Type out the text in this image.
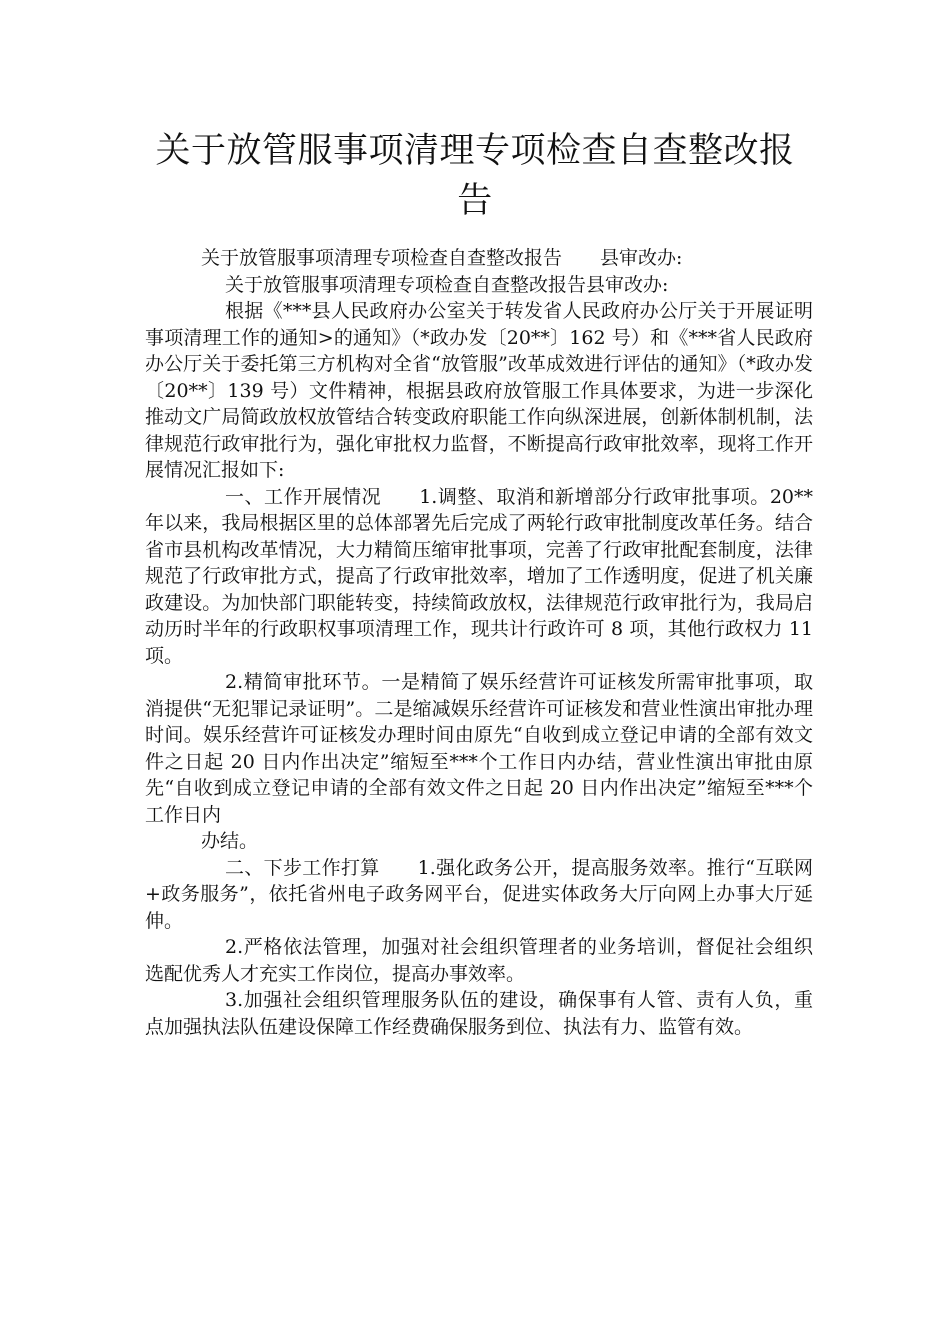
关于放管服事项清理专项检查自查整改报
告

关于放管服事项清理专项检查自查整改报告 县审改办:

关于放管服事项清理专项检查自查整改报告县审改办:

根据《***县人民政府办公室关于转发省人民政府办公厅关于开展证明事项清理工作的通知>的通知》（*政办发〔20**〕162 号）和《***省人民政府办公厅关于委托第三方机构对全省“放管服”改革成效进行评估的通知》（*政办发〔20**〕139 号）文件精神，根据县政府放管服工作具体要求，为进一步深化推动文广局简政放权放管结合转变政府职能工作向纵深进展，创新体制机制，法律规范行政审批行为，强化审批权力监督，不断提高行政审批效率，现将工作开展情况汇报如下:

一、工作开展情况 1.调整、取消和新增部分行政审批事项。20**年以来，我局根据区里的总体部署先后完成了两轮行政审批制度改革任务。结合省市县机构改革情况，大力精简压缩审批事项，完善了行政审批配套制度，法律规范了行政审批方式，提高了行政审批效率，增加了工作透明度，促进了机关廉政建设。为加快部门职能转变，持续简政放权，法律规范行政审批行为，我局启动历时半年的行政职权事项清理工作，现共计行政许可 8 项，其他行政权力 11 项。

2.精简审批环节。一是精简了娱乐经营许可证核发所需审批事项，取消提供“无犯罪记录证明”。二是缩减娱乐经营许可证核发和营业性演出审批办理时间。娱乐经营许可证核发办理时间由原先“自收到成立登记申请的全部有效文件之日起 20 日内作出决定”缩短至***个工作日内办结，营业性演出审批由原先“自收到成立登记申请的全部有效文件之日起 20 日内作出决定”缩短至***个工作日内

办结。

二、下步工作打算 1.强化政务公开，提高服务效率。推行“互联网+政务服务”，依托省州电子政务网平台，促进实体政务大厅向网上办事大厅延伸。

2.严格依法管理，加强对社会组织管理者的业务培训，督促社会组织选配优秀人才充实工作岗位，提高办事效率。

3.加强社会组织管理服务队伍的建设，确保事有人管、责有人负，重点加强执法队伍建设保障工作经费确保服务到位、执法有力、监管有效。
